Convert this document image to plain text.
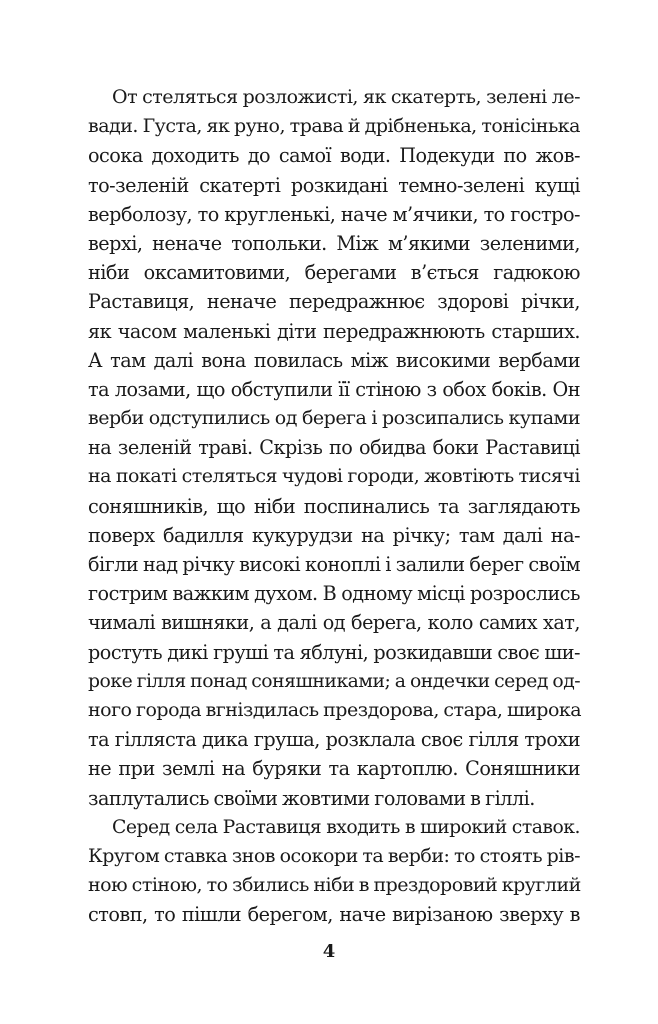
От стеляться розложисті, як скатерть, зелені ле-
вади. Густа, як руно, трава й дрібненька, тонісінька
осока доходить до самої води. Подекуди по жов-
то-зеленій скатерті розкидані темно-зелені кущі
верболозу, то кругленькі, наче м’ячики, то гостро-
верхі, неначе топольки. Між м’якими зеленими,
ніби оксамитовими, берегами в’ється гадюкою
Раставиця, неначе передражнює здорові річки,
як часом маленькі діти передражнюють старших.
А там далі вона повилась між високими вербами
та лозами, що обступили її стіною з обох боків. Он
верби одступились од берега і розсипались купами
на зеленій траві. Скрізь по обидва боки Раставиці
на покаті стеляться чудові городи, жовтіють тисячі
соняшників, що ніби поспинались та заглядають
поверх бадилля кукурудзи на річку; там далі на-
бігли над річку високі коноплі і залили берег своїм
гострим важким духом. В одному місці розрослись
чималі вишняки, а далі од берега, коло самих хат,
ростуть дикі груші та яблуні, розкидавши своє ши-
роке гілля понад соняшниками; а ондечки серед од-
ного города вгніздилась прездорова, стара, широка
та гілляста дика груша, розклала своє гілля трохи
не при землі на буряки та картоплю. Соняшники
заплутались своїми жовтими головами в гіллі.
Серед села Раставиця входить в широкий ставок.
Кругом ставка знов осокори та верби: то стоять рів-
ною стіною, то збились ніби в прездоровий круглий
стовп, то пішли берегом, наче вирізаною зверху в
4
